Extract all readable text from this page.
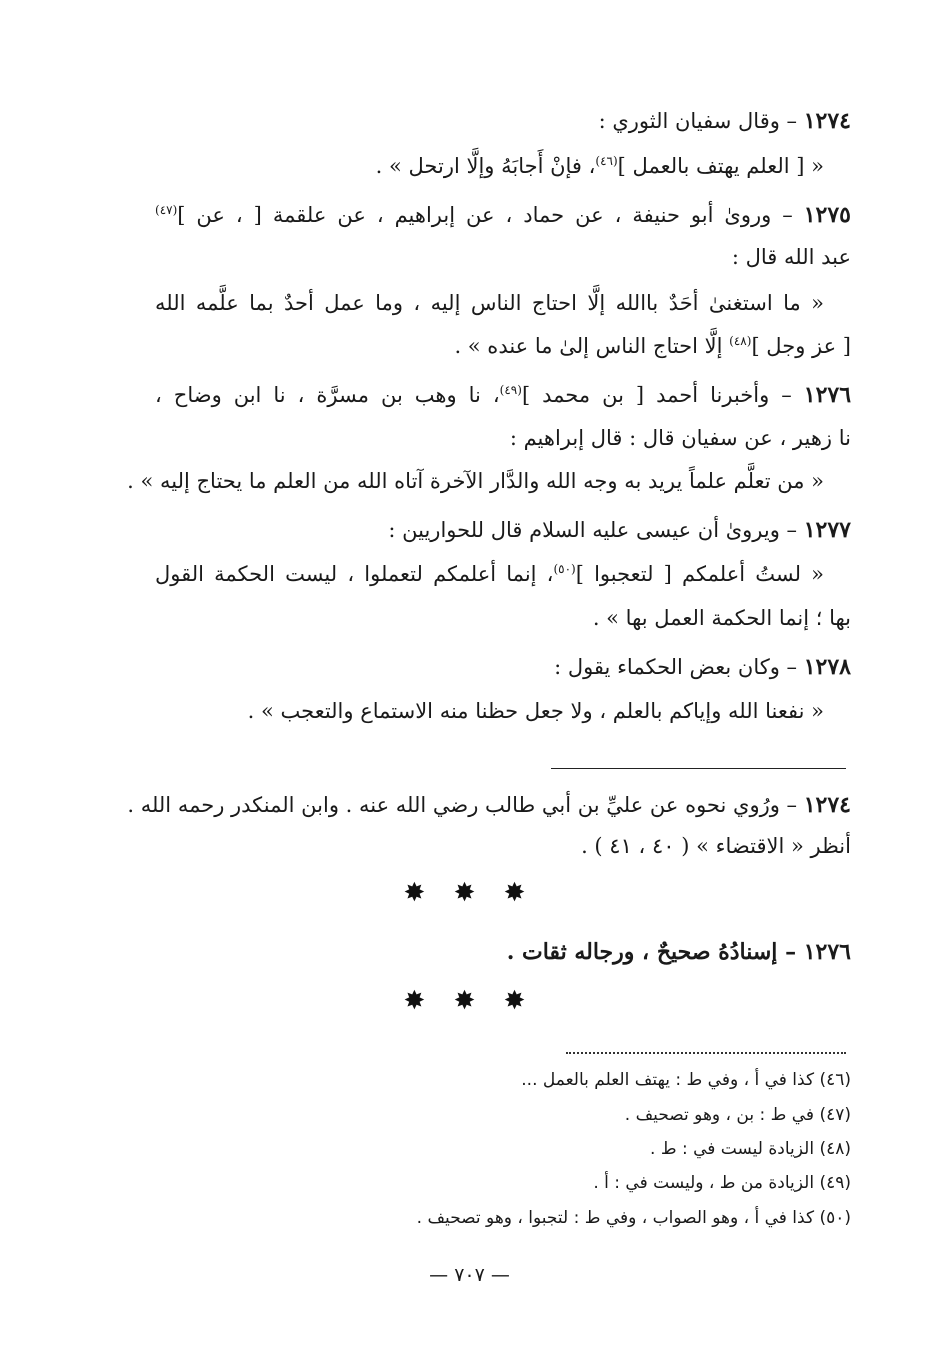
١٢٧٤ – وقال سفيان الثوري :
« [ العلم يهتف بالعمل ]$^{(٤٦)}$، فإنْ أَجابَهُ وإلَّا ارتحل » .
١٢٧٥ – وروىٰ أبو حنيفة ، عن حماد ، عن إبراهيم ، عن علقمة [ ، عن ]$^{(٤٧)}$
عبد الله قال :
« ما استغنىٰ أحَدٌ باالله إلَّا احتاج الناس إليه ، وما عمل أحدٌ بما علَّمه الله
[ عز وجل ]$^{(٤٨)}$ إلَّا احتاج الناس إلىٰ ما عنده » .
١٢٧٦ – وأخبرنا أحمد [ بن محمد ]$^{(٤٩)}$، نا وهب بن مسرَّة ، نا ابن وضاح ،
نا زهير ، عن سفيان قال : قال إبراهيم :
« من تعلَّم علماً يريد به وجه الله والدَّار الآخرة آتاه الله من العلم ما يحتاج إليه » .
١٢٧٧ – ويروىٰ أن عيسى عليه السلام قال للحواريين :
« لستُ أعلمكم [ لتعجبوا ]$^{(٥٠)}$، إنما أعلمكم لتعملوا ، ليست الحكمة القول
بها ؛ إنما الحكمة العمل بها » .
١٢٧٨ – وكان بعض الحكماء يقول :
« نفعنا الله وإياكم بالعلم ، ولا جعل حظنا منه الاستماع والتعجب » .
١٢٧٤ – ورُوي نحوه عن عليِّ بن أبي طالب رضي الله عنه . وابن المنكدر رحمه الله .
أنظر « الاقتضاء » ( ٤٠ ، ٤١ ) .
✸ ✸ ✸
١٢٧٦ – إسنادُهُ صحيحٌ ، ورجاله ثقات .
✸ ✸ ✸
(٤٦) كذا في أ ، وفي ط : يهتف العلم بالعمل ...
(٤٧) في ط : بن ، وهو تصحيف .
(٤٨) الزيادة ليست في : ط .
(٤٩) الزيادة من ط ، وليست في : أ .
(٥٠) كذا في أ ، وهو الصواب ، وفي ط : لتجبوا ، وهو تصحيف .
— ٧٠٧ —
